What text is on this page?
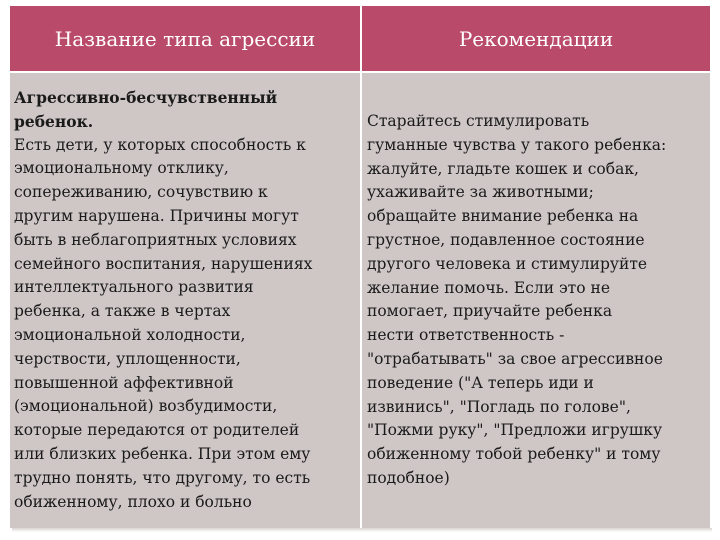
Название типа агрессии	Рекомендации
Агрессивно-бесчувственный
ребенок.
Есть дети, у которых способность к
эмоциональному отклику,
сопереживанию, сочувствию к
другим нарушена. Причины могут
быть в неблагоприятных условиях
семейного воспитания, нарушениях
интеллектуального развития
ребенка, а также в чертах
эмоциональной холодности,
черствости, уплощенности,
повышенной аффективной
(эмоциональной) возбудимости,
которые передаются от родителей
или близких ребенка. При этом ему
трудно понять, что другому, то есть
обиженному, плохо и больно
Старайтесь стимулировать
гуманные чувства у такого ребенка:
жалуйте, гладьте кошек и собак,
ухаживайте за животными;
обращайте внимание ребенка на
грустное, подавленное состояние
другого человека и стимулируйте
желание помочь. Если это не
помогает, приучайте ребенка
нести ответственность -
"отрабатывать" за свое агрессивное
поведение ("А теперь иди и
извинись", "Погладь по голове",
"Пожми руку", "Предложи игрушку
обиженному тобой ребенку" и тому
подобное)
